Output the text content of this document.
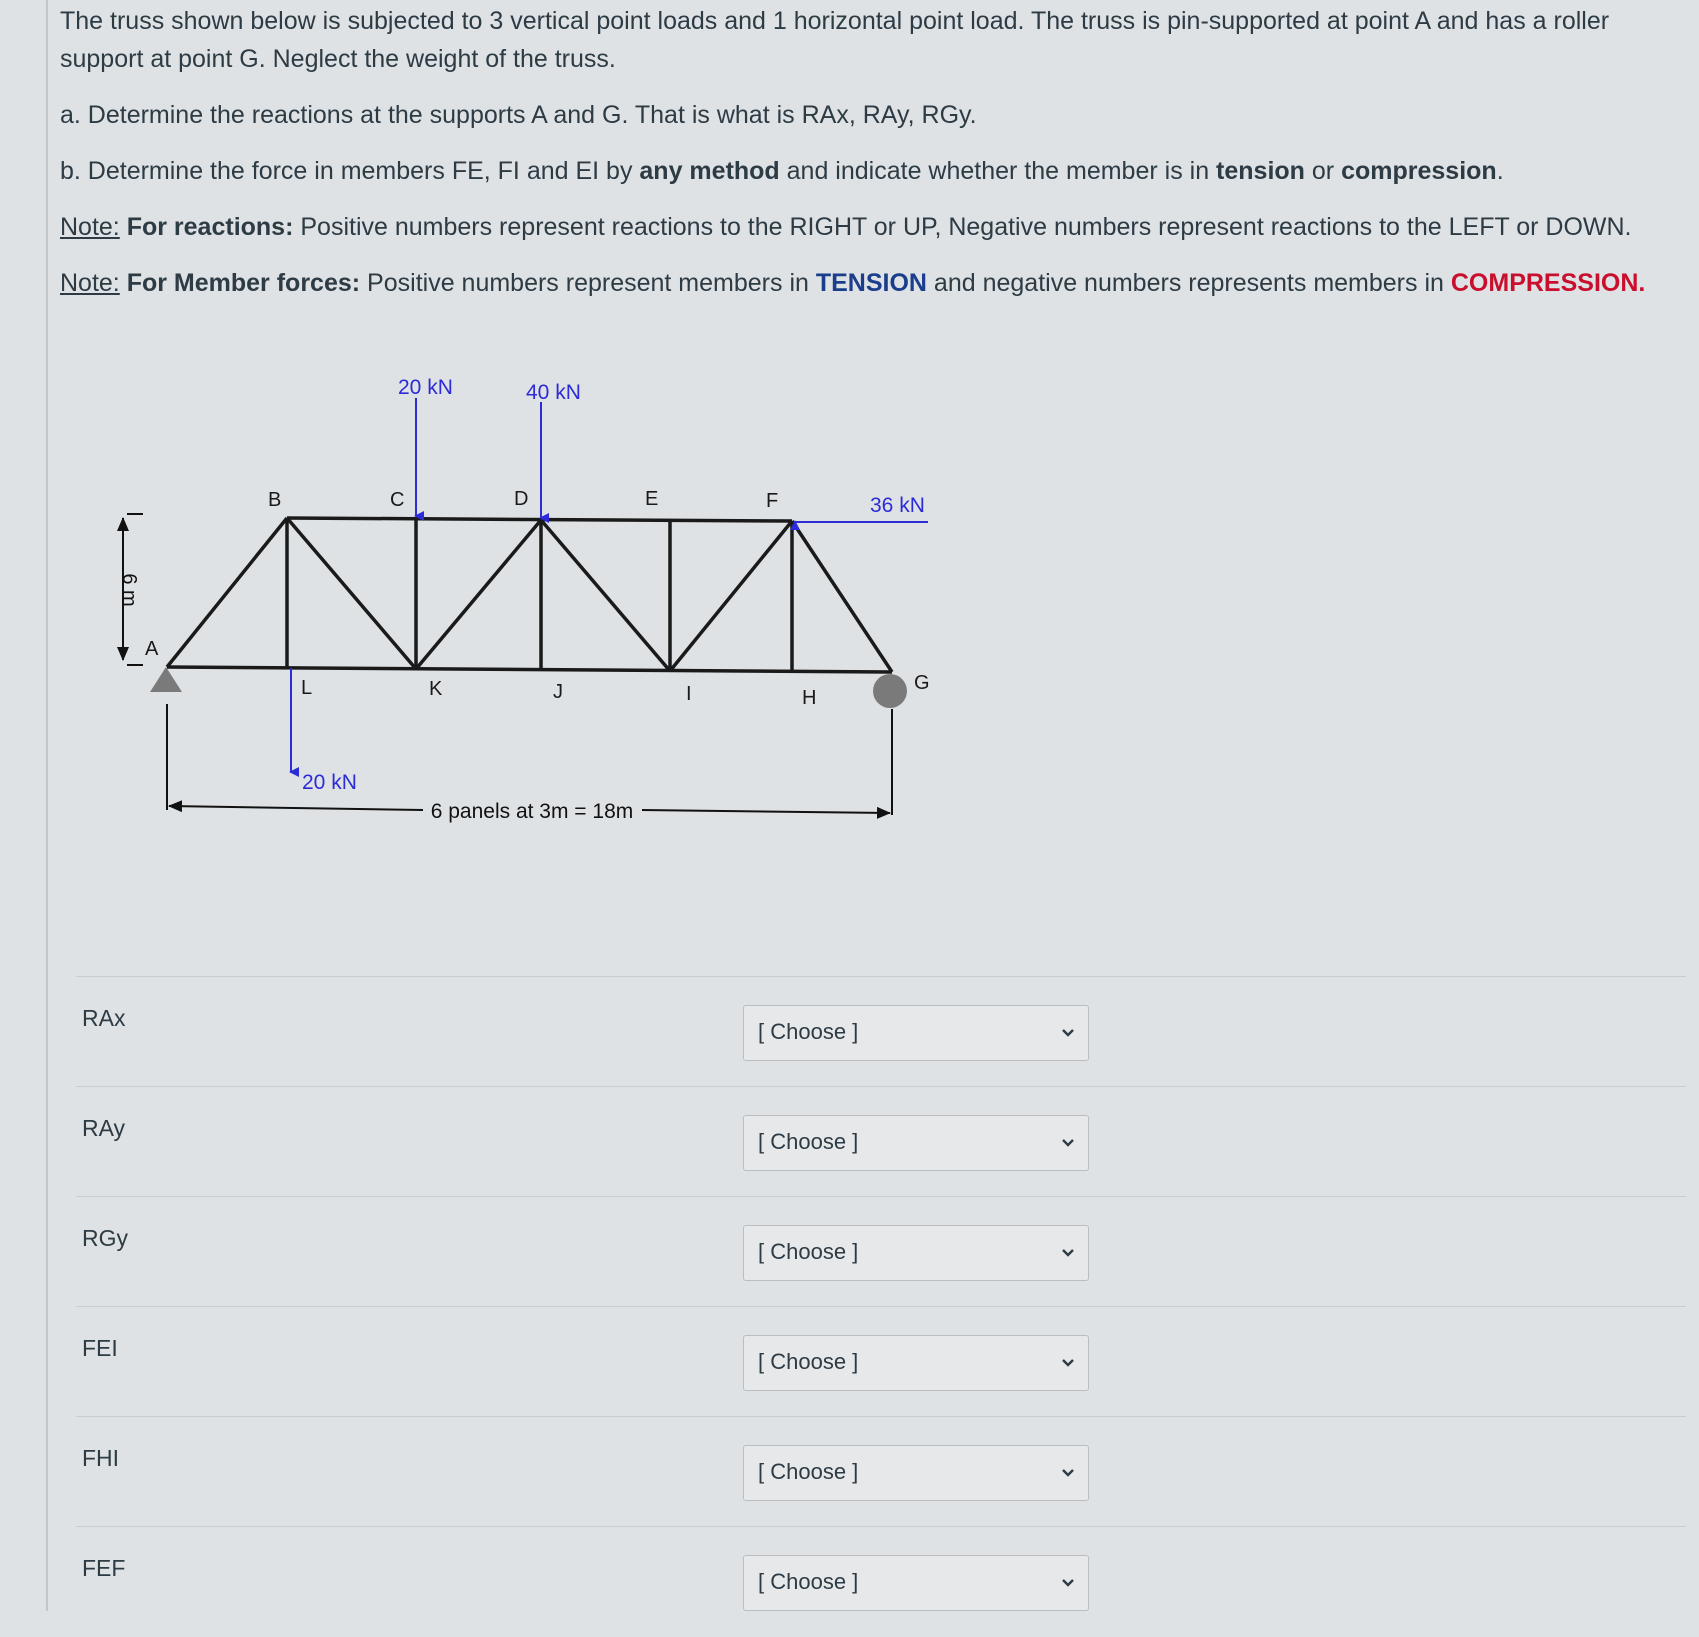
The truss shown below is subjected to 3 vertical point loads and 1 horizontal point load. The truss is pin-supported at point A and has a roller support at point G. Neglect the weight of the truss.

a. Determine the reactions at the supports A and G. That is what is RAx, RAy, RGy.

b. Determine the force in members FE, FI and EI by any method and indicate whether the member is in tension or compression.

Note: For reactions: Positive numbers represent reactions to the RIGHT or UP, Negative numbers represent reactions to the LEFT or DOWN.

Note: For Member forces: Positive numbers represent members in TENSION and negative numbers represents members in COMPRESSION.

20 kN	40 kN
36 kN
20 kN
A
B	C	D	E	F
G
H
I
J
K
L
6 m
6 panels at 3m = 18m
RAx
[ Choose ]
RAy
[ Choose ]
RGy
[ Choose ]
FEI
[ Choose ]
FHI
[ Choose ]
FEF
[ Choose ]
